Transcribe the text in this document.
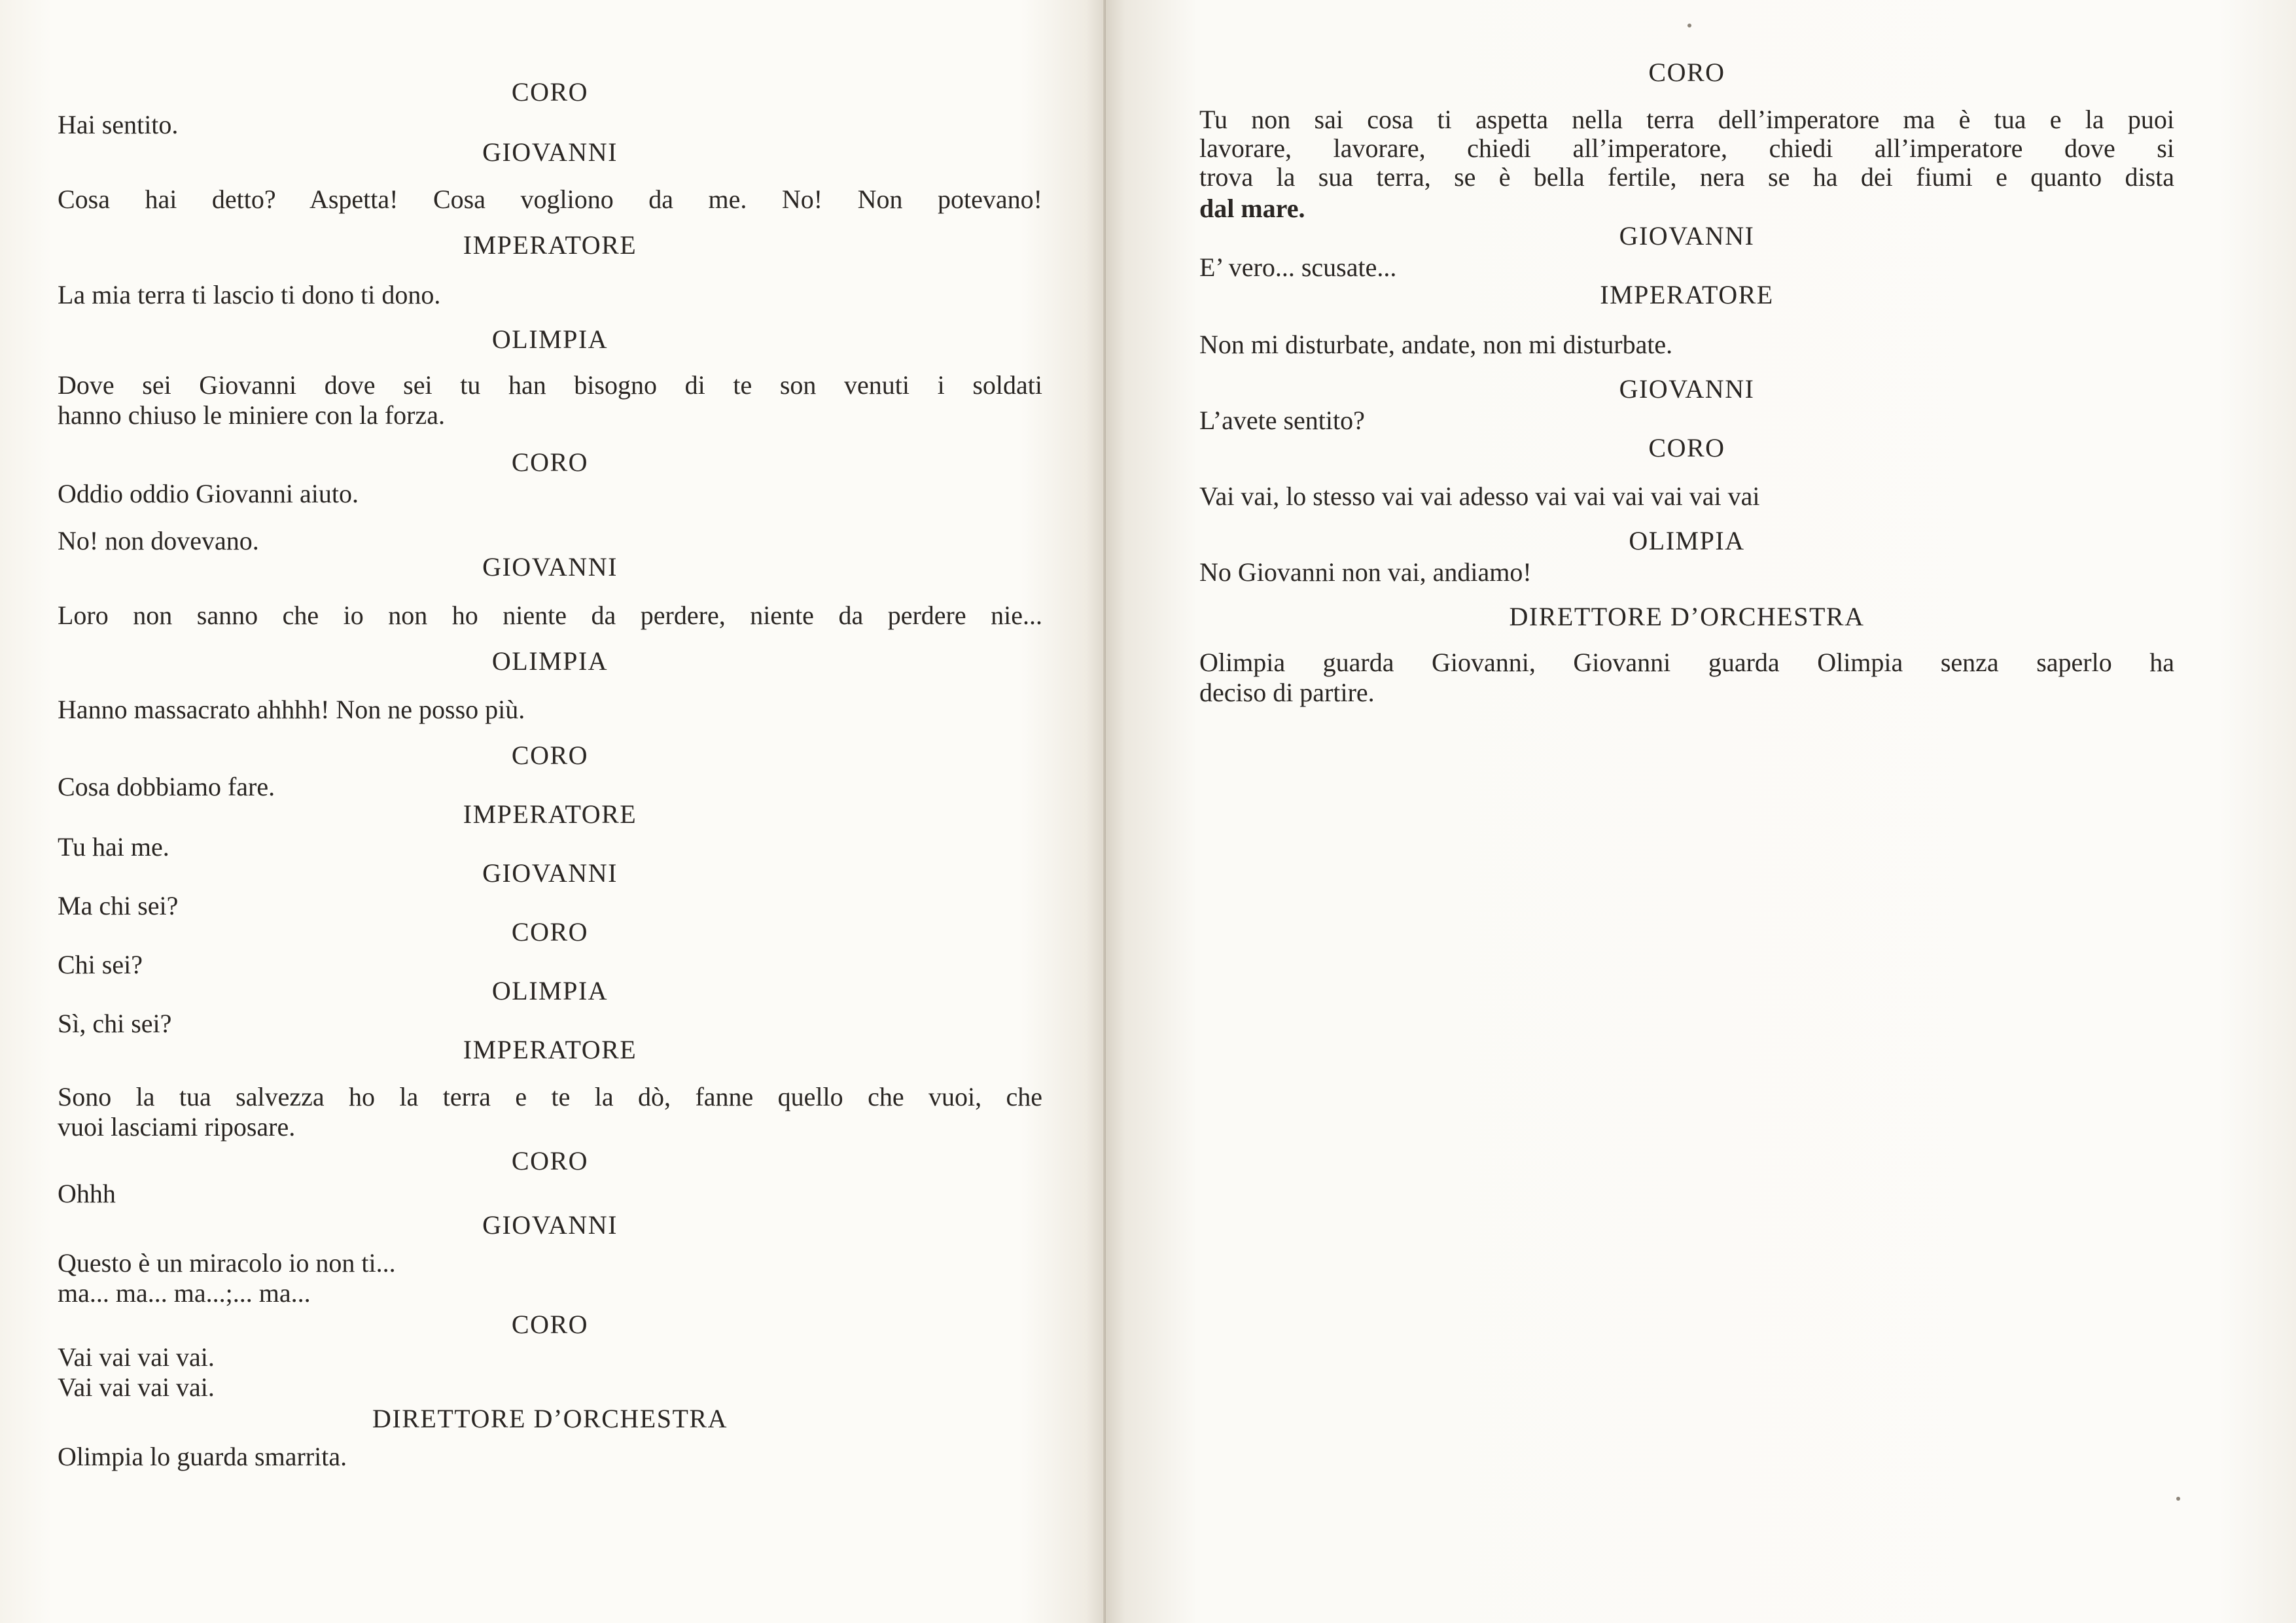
CORO
Hai sentito.
GIOVANNI
Cosa hai detto? Aspetta! Cosa vogliono da me. No! Non potevano!
IMPERATORE
La mia terra ti lascio ti dono ti dono.
OLIMPIA
Dove sei Giovanni dove sei tu han bisogno di te son venuti i soldati
hanno chiuso le miniere con la forza.
CORO
Oddio oddio Giovanni aiuto.
No! non dovevano.
GIOVANNI
Loro non sanno che io non ho niente da perdere, niente da perdere nie...
OLIMPIA
Hanno massacrato ahhhh! Non ne posso più.
CORO
Cosa dobbiamo fare.
IMPERATORE
Tu hai me.
GIOVANNI
Ma chi sei?
CORO
Chi sei?
OLIMPIA
Sì, chi sei?
IMPERATORE
Sono la tua salvezza ho la terra e te la dò, fanne quello che vuoi, che
vuoi lasciami riposare.
CORO
Ohhh
GIOVANNI
Questo è un miracolo io non ti...
ma... ma... ma...;... ma...
CORO
Vai vai vai vai.
Vai vai vai vai.
DIRETTORE D’ORCHESTRA
Olimpia lo guarda smarrita.
CORO
Tu non sai cosa ti aspetta nella terra dell’imperatore ma è tua e la puoi
lavorare, lavorare, chiedi all’imperatore, chiedi all’imperatore dove si
trova la sua terra, se è bella fertile, nera se ha dei fiumi e quanto dista
dal mare.
GIOVANNI
E’ vero... scusate...
IMPERATORE
Non mi disturbate, andate, non mi disturbate.
GIOVANNI
L’avete sentito?
CORO
Vai vai, lo stesso vai vai adesso vai vai vai vai vai vai
OLIMPIA
No Giovanni non vai, andiamo!
DIRETTORE D’ORCHESTRA
Olimpia guarda Giovanni, Giovanni guarda Olimpia senza saperlo ha
deciso di partire.
